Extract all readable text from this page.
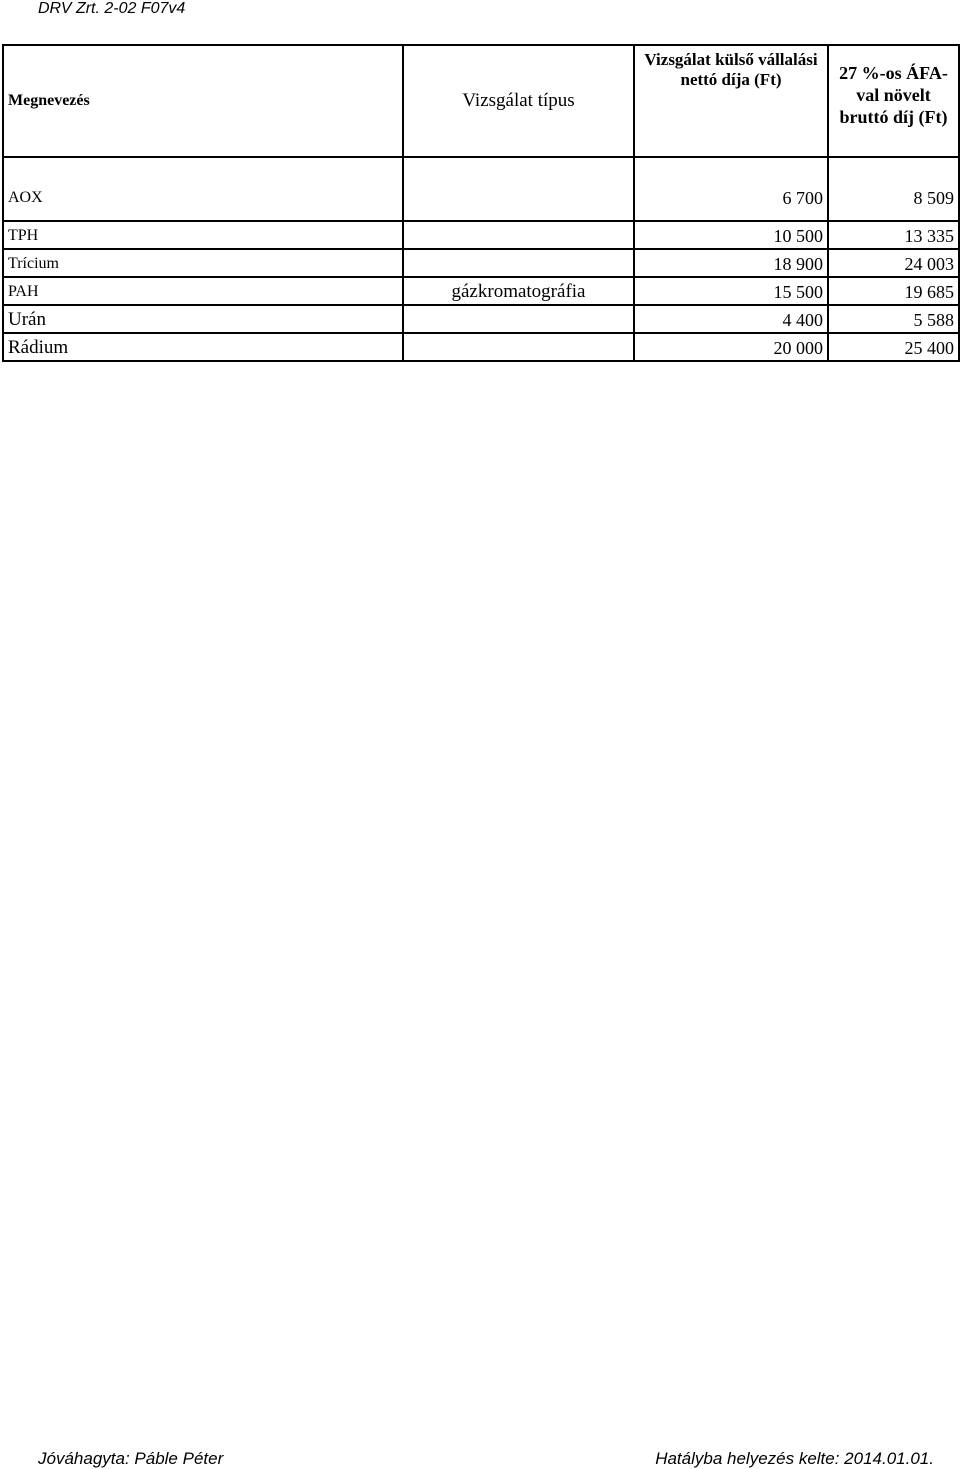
DRV Zrt. 2-02 F07v4
Megnevezés	Vizsgálat típus	Vizsgálat külső vállalási nettó díja (Ft)	27 %-os ÁFA-val növelt bruttó díj (Ft)
AOX		6 700	8 509
TPH		10 500	13 335
Trícium		18 900	24 003
PAH	gázkromatográfia	15 500	19 685
Urán		4 400	5 588
Rádium		20 000	25 400
Jóváhagyta: Páble Péter	Hatályba helyezés kelte: 2014.01.01.
